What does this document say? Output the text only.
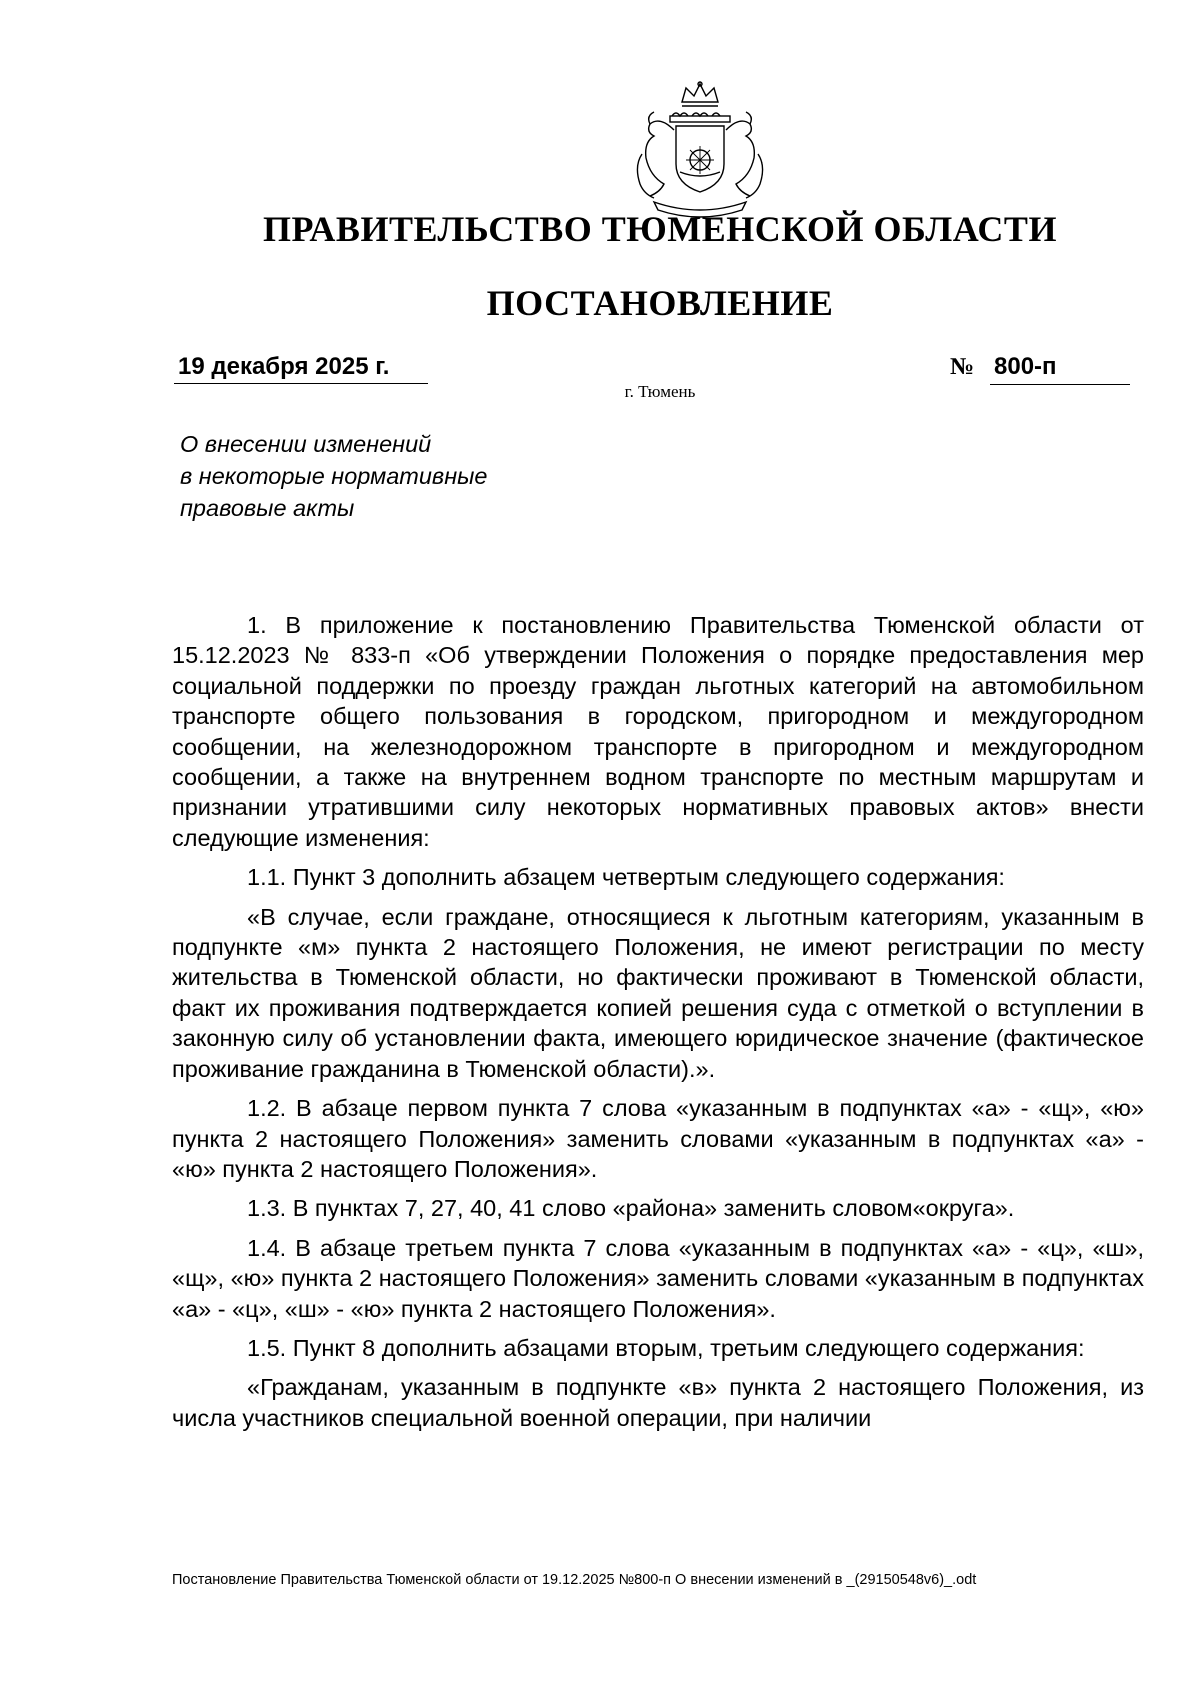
ПРАВИТЕЛЬСТВО ТЮМЕНСКОЙ ОБЛАСТИ
ПОСТАНОВЛЕНИЕ
19 декабря 2025 г.	№ 800-п
г. Тюмень
О внесении изменений
в некоторые нормативные
правовые акты

1. В приложение к постановлению Правительства Тюменской области от 15.12.2023 № 833-п «Об утверждении Положения о порядке предоставления мер социальной поддержки по проезду граждан льготных категорий на автомобильном транспорте общего пользования в городском, пригородном и междугородном сообщении, на железнодорожном транспорте в пригородном и междугородном сообщении, а также на внутреннем водном транспорте по местным маршрутам и признании утратившими силу некоторых нормативных правовых актов» внести следующие изменения:

1.1. Пункт 3 дополнить абзацем четвертым следующего содержания:

«В случае, если граждане, относящиеся к льготным категориям, указанным в подпункте «м» пункта 2 настоящего Положения, не имеют регистрации по месту жительства в Тюменской области, но фактически проживают в Тюменской области, факт их проживания подтверждается копией решения суда с отметкой о вступлении в законную силу об установлении факта, имеющего юридическое значение (фактическое проживание гражданина в Тюменской области).».

1.2. В абзаце первом пункта 7 слова «указанным в подпунктах «а» - «щ», «ю» пункта 2 настоящего Положения» заменить словами «указанным в подпунктах «а» - «ю» пункта 2 настоящего Положения».

1.3. В пунктах 7, 27, 40, 41 слово «района» заменить словом«округа».

1.4. В абзаце третьем пункта 7 слова «указанным в подпунктах «а» - «ц», «ш», «щ», «ю» пункта 2 настоящего Положения» заменить словами «указанным в подпунктах «а» - «ц», «ш» - «ю» пункта 2 настоящего Положения».

1.5. Пункт 8 дополнить абзацами вторым, третьим следующего содержания:

«Гражданам, указанным в подпункте «в» пункта 2 настоящего Положения, из числа участников специальной военной операции, при наличии

Постановление Правительства Тюменской области от 19.12.2025 №800-п О внесении изменений в _(29150548v6)_.odt
